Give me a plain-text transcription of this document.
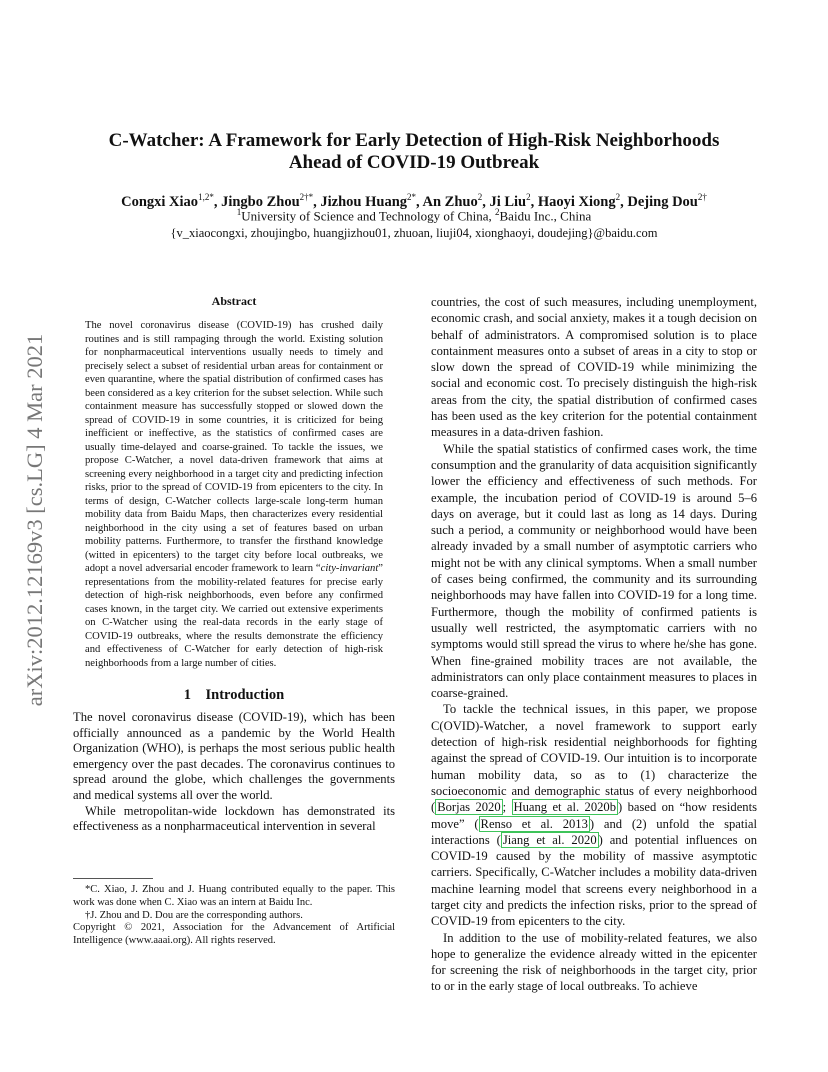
C-Watcher: A Framework for Early Detection of High-Risk Neighborhoods
Ahead of COVID-19 Outbreak
Congxi Xiao$^{1,2*}$, Jingbo Zhou$^{2\dagger*}$, Jizhou Huang$^{2*}$, An Zhuo$^2$, Ji Liu$^2$, Haoyi Xiong$^2$, Dejing Dou$^{2\dagger}$
$^1$University of Science and Technology of China, $^2$Baidu Inc., China
{v_xiaocongxi, zhoujingbo, huangjizhou01, zhuoan, liuji04, xionghaoyi, doudejing}@baidu.com
arXiv:2012.12169v3 [cs.LG] 4 Mar 2021
Abstract
The novel coronavirus disease (COVID-19) has crushed daily routines and is still rampaging through the world. Existing solution for nonpharmaceutical interventions usually needs to timely and precisely select a subset of residential urban areas for containment or even quarantine, where the spatial distribution of confirmed cases has been considered as a key criterion for the subset selection. While such containment measure has successfully stopped or slowed down the spread of COVID-19 in some countries, it is criticized for being inefficient or ineffective, as the statistics of confirmed cases are usually time-delayed and coarse-grained. To tackle the issues, we propose C-Watcher, a novel data-driven framework that aims at screening every neighborhood in a target city and predicting infection risks, prior to the spread of COVID-19 from epicenters to the city. In terms of design, C-Watcher collects large-scale long-term human mobility data from Baidu Maps, then characterizes every residential neighborhood in the city using a set of features based on urban mobility patterns. Furthermore, to transfer the firsthand knowledge (witted in epicenters) to the target city before local outbreaks, we adopt a novel adversarial encoder framework to learn “city-invariant” representations from the mobility-related features for precise early detection of high-risk neighborhoods, even before any confirmed cases known, in the target city. We carried out extensive experiments on C-Watcher using the real-data records in the early stage of COVID-19 outbreaks, where the results demonstrate the efficiency and effectiveness of C-Watcher for early detection of high-risk neighborhoods from a large number of cities.
1 Introduction

The novel coronavirus disease (COVID-19), which has been officially announced as a pandemic by the World Health Organization (WHO), is perhaps the most serious public health emergency over the past decades. The coronavirus continues to spread around the globe, which challenges the governments and medical systems all over the world.

While metropolitan-wide lockdown has demonstrated its effectiveness as a nonpharmaceutical intervention in several

*C. Xiao, J. Zhou and J. Huang contributed equally to the paper. This work was done when C. Xiao was an intern at Baidu Inc.

†J. Zhou and D. Dou are the corresponding authors.

Copyright © 2021, Association for the Advancement of Artificial Intelligence (www.aaai.org). All rights reserved.

countries, the cost of such measures, including unemployment, economic crash, and social anxiety, makes it a tough decision on behalf of administrators. A compromised solution is to place containment measures onto a subset of areas in a city to stop or slow down the spread of COVID-19 while minimizing the social and economic cost. To precisely distinguish the high-risk areas from the city, the spatial distribution of confirmed cases has been used as the key criterion for the potential containment measures in a data-driven fashion.

While the spatial statistics of confirmed cases work, the time consumption and the granularity of data acquisition significantly lower the efficiency and effectiveness of such methods. For example, the incubation period of COVID-19 is around 5–6 days on average, but it could last as long as 14 days. During such a period, a community or neighborhood would have been already invaded by a small number of asymptotic carriers who might not be with any clinical symptoms. When a small number of cases being confirmed, the community and its surrounding neighborhoods may have fallen into COVID-19 for a long time. Furthermore, though the mobility of confirmed patients is usually well restricted, the asymptomatic carriers with no symptoms would still spread the virus to where he/she has gone. When fine-grained mobility traces are not available, the administrators can only place containment measures to places in coarse-grained.

To tackle the technical issues, in this paper, we propose C(OVID)-Watcher, a novel framework to support early detection of high-risk residential neighborhoods for fighting against the spread of COVID-19. Our intuition is to incorporate human mobility data, so as to (1) characterize the socioeconomic and demographic status of every neighborhood ( Borjas 2020 ; Huang et al. 2020b ) based on “how residents move” ( Renso et al. 2013 ) and (2) unfold the spatial interactions ( Jiang et al. 2020 ) and potential influences on COVID-19 caused by the mobility of massive asymptotic carriers. Specifically, C-Watcher includes a mobility data-driven machine learning model that screens every neighborhood in a target city and predicts the infection risks, prior to the spread of COVID-19 from epicenters to the city.

In addition to the use of mobility-related features, we also hope to generalize the evidence already witted in the epicenter for screening the risk of neighborhoods in the target city, prior to or in the early stage of local outbreaks. To achieve
